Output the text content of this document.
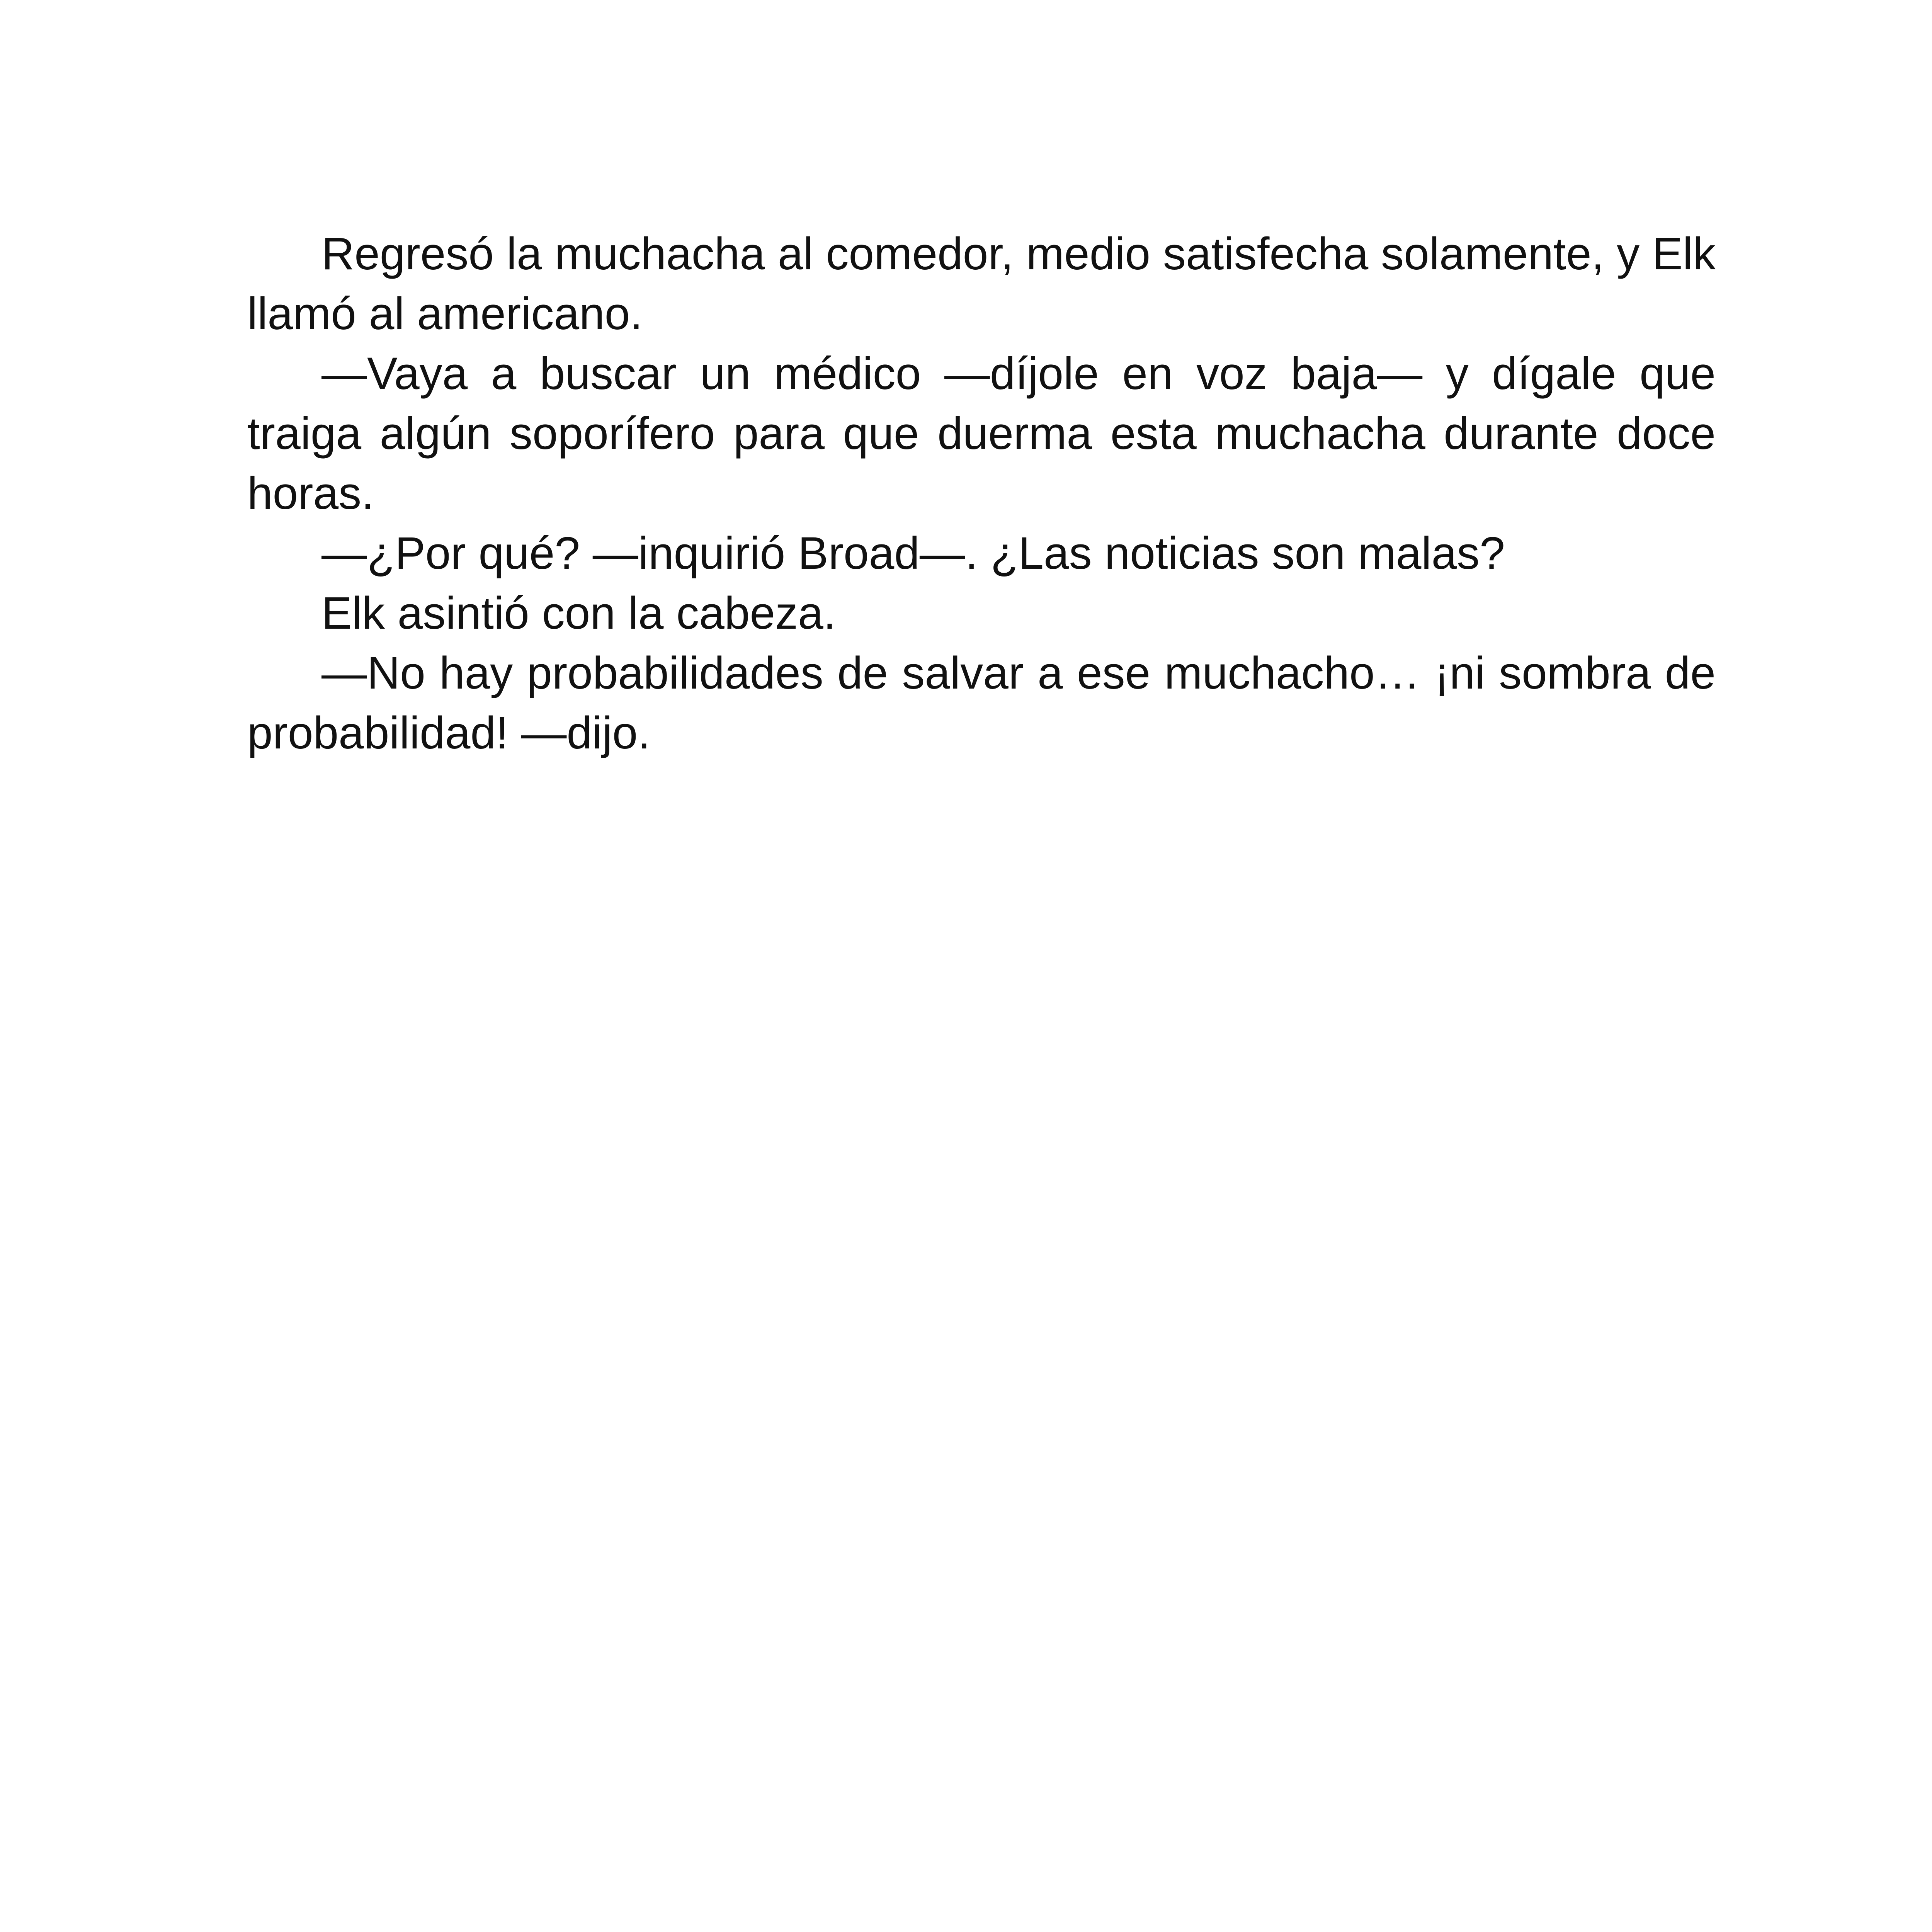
Regresó la muchacha al comedor, medio satisfecha solamente, y Elk llamó al americano.

—Vaya a buscar un médico —díjole en voz baja— y dígale que traiga algún soporífero para que duerma esta muchacha durante doce horas.

—¿Por qué? —inquirió Broad—. ¿Las noticias son malas?

Elk asintió con la cabeza.

—No hay probabilidades de salvar a ese muchacho… ¡ni sombra de probabilidad! —dijo.
